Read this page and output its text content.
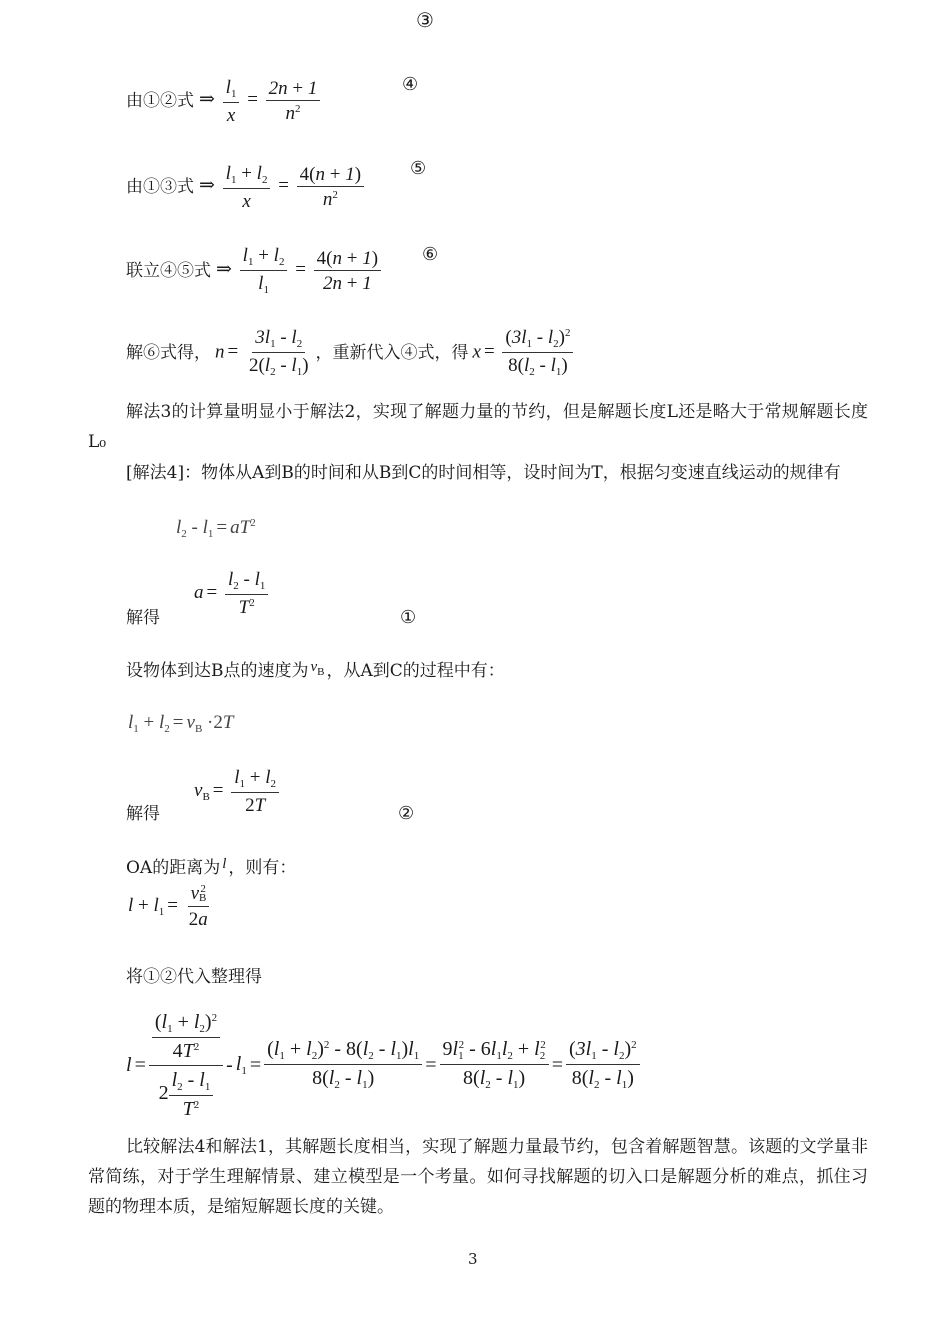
③
由①②式 ⇒ $\frac{l_1}{x} = \frac{2n + 1}{n^2}$	④
由①③式 ⇒ $\frac{l_1 + l_2}{x} = \frac{4(n + 1)}{n^2}$	⑤
联立④⑤式 ⇒ $\frac{l_1 + l_2}{l_1} = \frac{4(n + 1)}{2n + 1}$ ⑥
解⑥式得， $n = \frac{3l_1 - l_2}{2(l_2 - l_1)}$ ，重新代入④式，得 $x = \frac{(3l_1 - l_2)^2}{8(l_2 - l_1)}$
解法3的计算量明显小于解法2，实现了解题力量的节约，但是解题长度L还是略大于常规解题长度L₀
[解法4]：物体从A到B的时间和从B到C的时间相等，设时间为T，根据匀变速直线运动的规律有
$l_2 - l_1 = aT^2$
解得
$a = \frac{l_2 - l_1}{T^2}$
①
设物体到达B点的速度为 $v_B$ ，从A到C的过程中有：
$l_1 + l_2 = v_B \cdot 2T$
解得
$v_B = \frac{l_1 + l_2}{2T}$	②
OA的距离为 l ，则有：
$l + l_1 = \frac{v_B^2}{2a}$
将①②代入整理得
$l = \frac{\frac{(l_1 + l_2)^2}{4T^2}}{2 \frac{l_2 - l_1}{T^2}} - l_1 = \frac{(l_1 + l_2)^2 - 8(l_2 - l_1)l_1}{8(l_2 - l_1)} = \frac{9l_1^2 - 6l_1l_2 + l_2^2}{8(l_2 - l_1)} = \frac{(3l_1 - l_2)^2}{8(l_2 - l_1)}$
比较解法4和解法1，其解题长度相当，实现了解题力量最节约，包含着解题智慧。该题的文学量非常简练，对于学生理解情景、建立模型是一个考量。如何寻找解题的切入口是解题分析的难点，抓住习题的物理本质，是缩短解题长度的关键。
3
